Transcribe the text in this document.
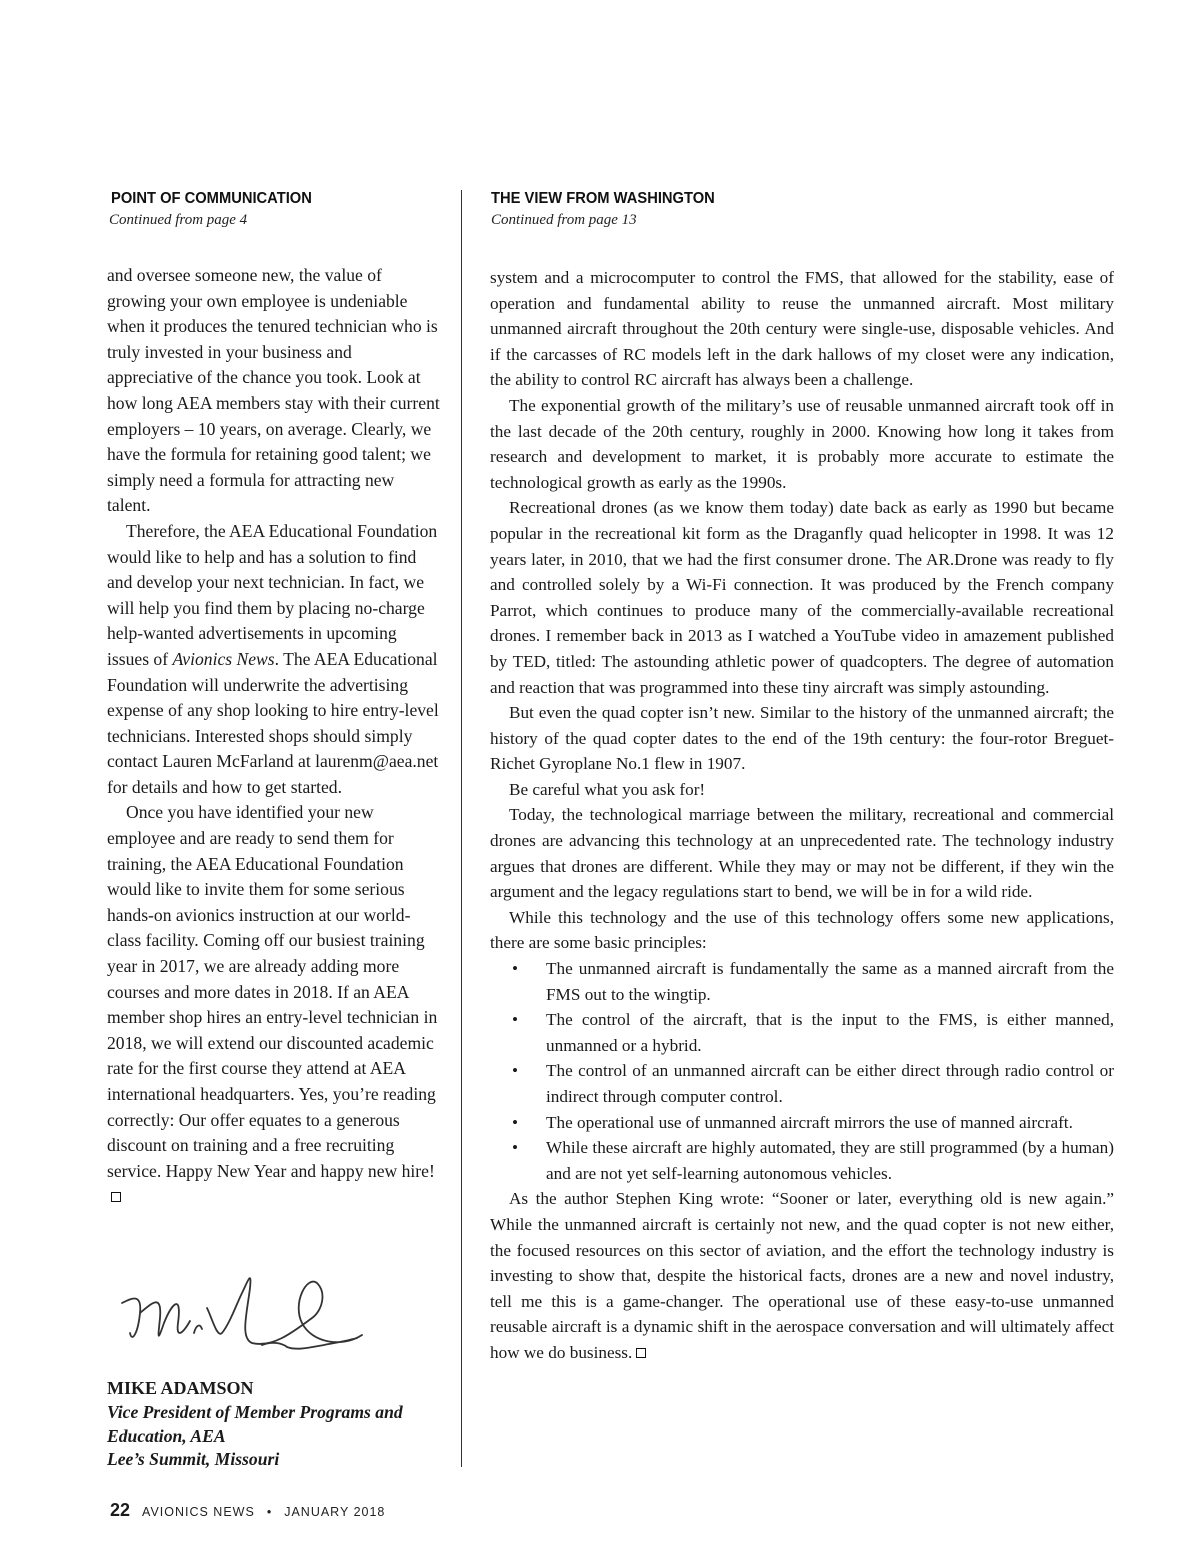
POINT OF COMMUNICATION
Continued from page 4
THE VIEW FROM WASHINGTON
Continued from page 13

and oversee someone new, the value of growing your own employee is undeniable when it produces the tenured technician who is truly invested in your business and appreciative of the chance you took. Look at how long AEA members stay with their current employers – 10 years, on average. Clearly, we have the formula for retaining good talent; we simply need a formula for attracting new talent.

Therefore, the AEA Educational Foundation would like to help and has a solution to find and develop your next technician. In fact, we will help you find them by placing no-charge help-wanted advertisements in upcoming issues of Avionics News. The AEA Educational Foundation will underwrite the advertising expense of any shop looking to hire entry-level technicians. Interested shops should simply contact Lauren McFarland at laurenm@aea.net for details and how to get started.

Once you have identified your new employee and are ready to send them for training, the AEA Educational Foundation would like to invite them for some serious hands-on avionics instruction at our world-class facility. Coming off our busiest training year in 2017, we are already adding more courses and more dates in 2018. If an AEA member shop hires an entry-level technician in 2018, we will extend our discounted academic rate for the first course they attend at AEA international headquarters. Yes, you’re reading correctly: Our offer equates to a generous discount on training and a free recruiting service. Happy New Year and happy new hire!

MIKE ADAMSON
Vice President of Member Programs and Education, AEA
Lee’s Summit, Missouri

system and a microcomputer to control the FMS, that allowed for the stability, ease of operation and fundamental ability to reuse the unmanned aircraft. Most military unmanned aircraft throughout the 20th century were single-use, disposable vehicles. And if the carcasses of RC models left in the dark hallows of my closet were any indication, the ability to control RC aircraft has always been a challenge.

The exponential growth of the military’s use of reusable unmanned aircraft took off in the last decade of the 20th century, roughly in 2000. Knowing how long it takes from research and development to market, it is probably more accurate to estimate the technological growth as early as the 1990s.

Recreational drones (as we know them today) date back as early as 1990 but became popular in the recreational kit form as the Draganfly quad helicopter in 1998. It was 12 years later, in 2010, that we had the first consumer drone. The AR.Drone was ready to fly and controlled solely by a Wi-Fi connection. It was produced by the French company Parrot, which continues to produce many of the commercially-available recreational drones. I remember back in 2013 as I watched a YouTube video in amazement published by TED, titled: The astounding athletic power of quadcopters. The degree of automation and reaction that was programmed into these tiny aircraft was simply astounding.

But even the quad copter isn’t new. Similar to the history of the unmanned aircraft; the history of the quad copter dates to the end of the 19th century: the four-rotor Breguet-Richet Gyroplane No.1 flew in 1907.

Be careful what you ask for!

Today, the technological marriage between the military, recreational and commercial drones are advancing this technology at an unprecedented rate. The technology industry argues that drones are different. While they may or may not be different, if they win the argument and the legacy regulations start to bend, we will be in for a wild ride.

While this technology and the use of this technology offers some new applications, there are some basic principles:

• The unmanned aircraft is fundamentally the same as a manned aircraft from the FMS out to the wingtip.
• The control of the aircraft, that is the input to the FMS, is either manned, unmanned or a hybrid.
• The control of an unmanned aircraft can be either direct through radio control or indirect through computer control.
• The operational use of unmanned aircraft mirrors the use of manned aircraft.
• While these aircraft are highly automated, they are still programmed (by a human) and are not yet self-learning autonomous vehicles.

As the author Stephen King wrote: “Sooner or later, everything old is new again.” While the unmanned aircraft is certainly not new, and the quad copter is not new either, the focused resources on this sector of aviation, and the effort the technology industry is investing to show that, despite the historical facts, drones are a new and novel industry, tell me this is a game-changer. The operational use of these easy-to-use unmanned reusable aircraft is a dynamic shift in the aerospace conversation and will ultimately affect how we do business.

22 AVIONICS NEWS • JANUARY 2018
